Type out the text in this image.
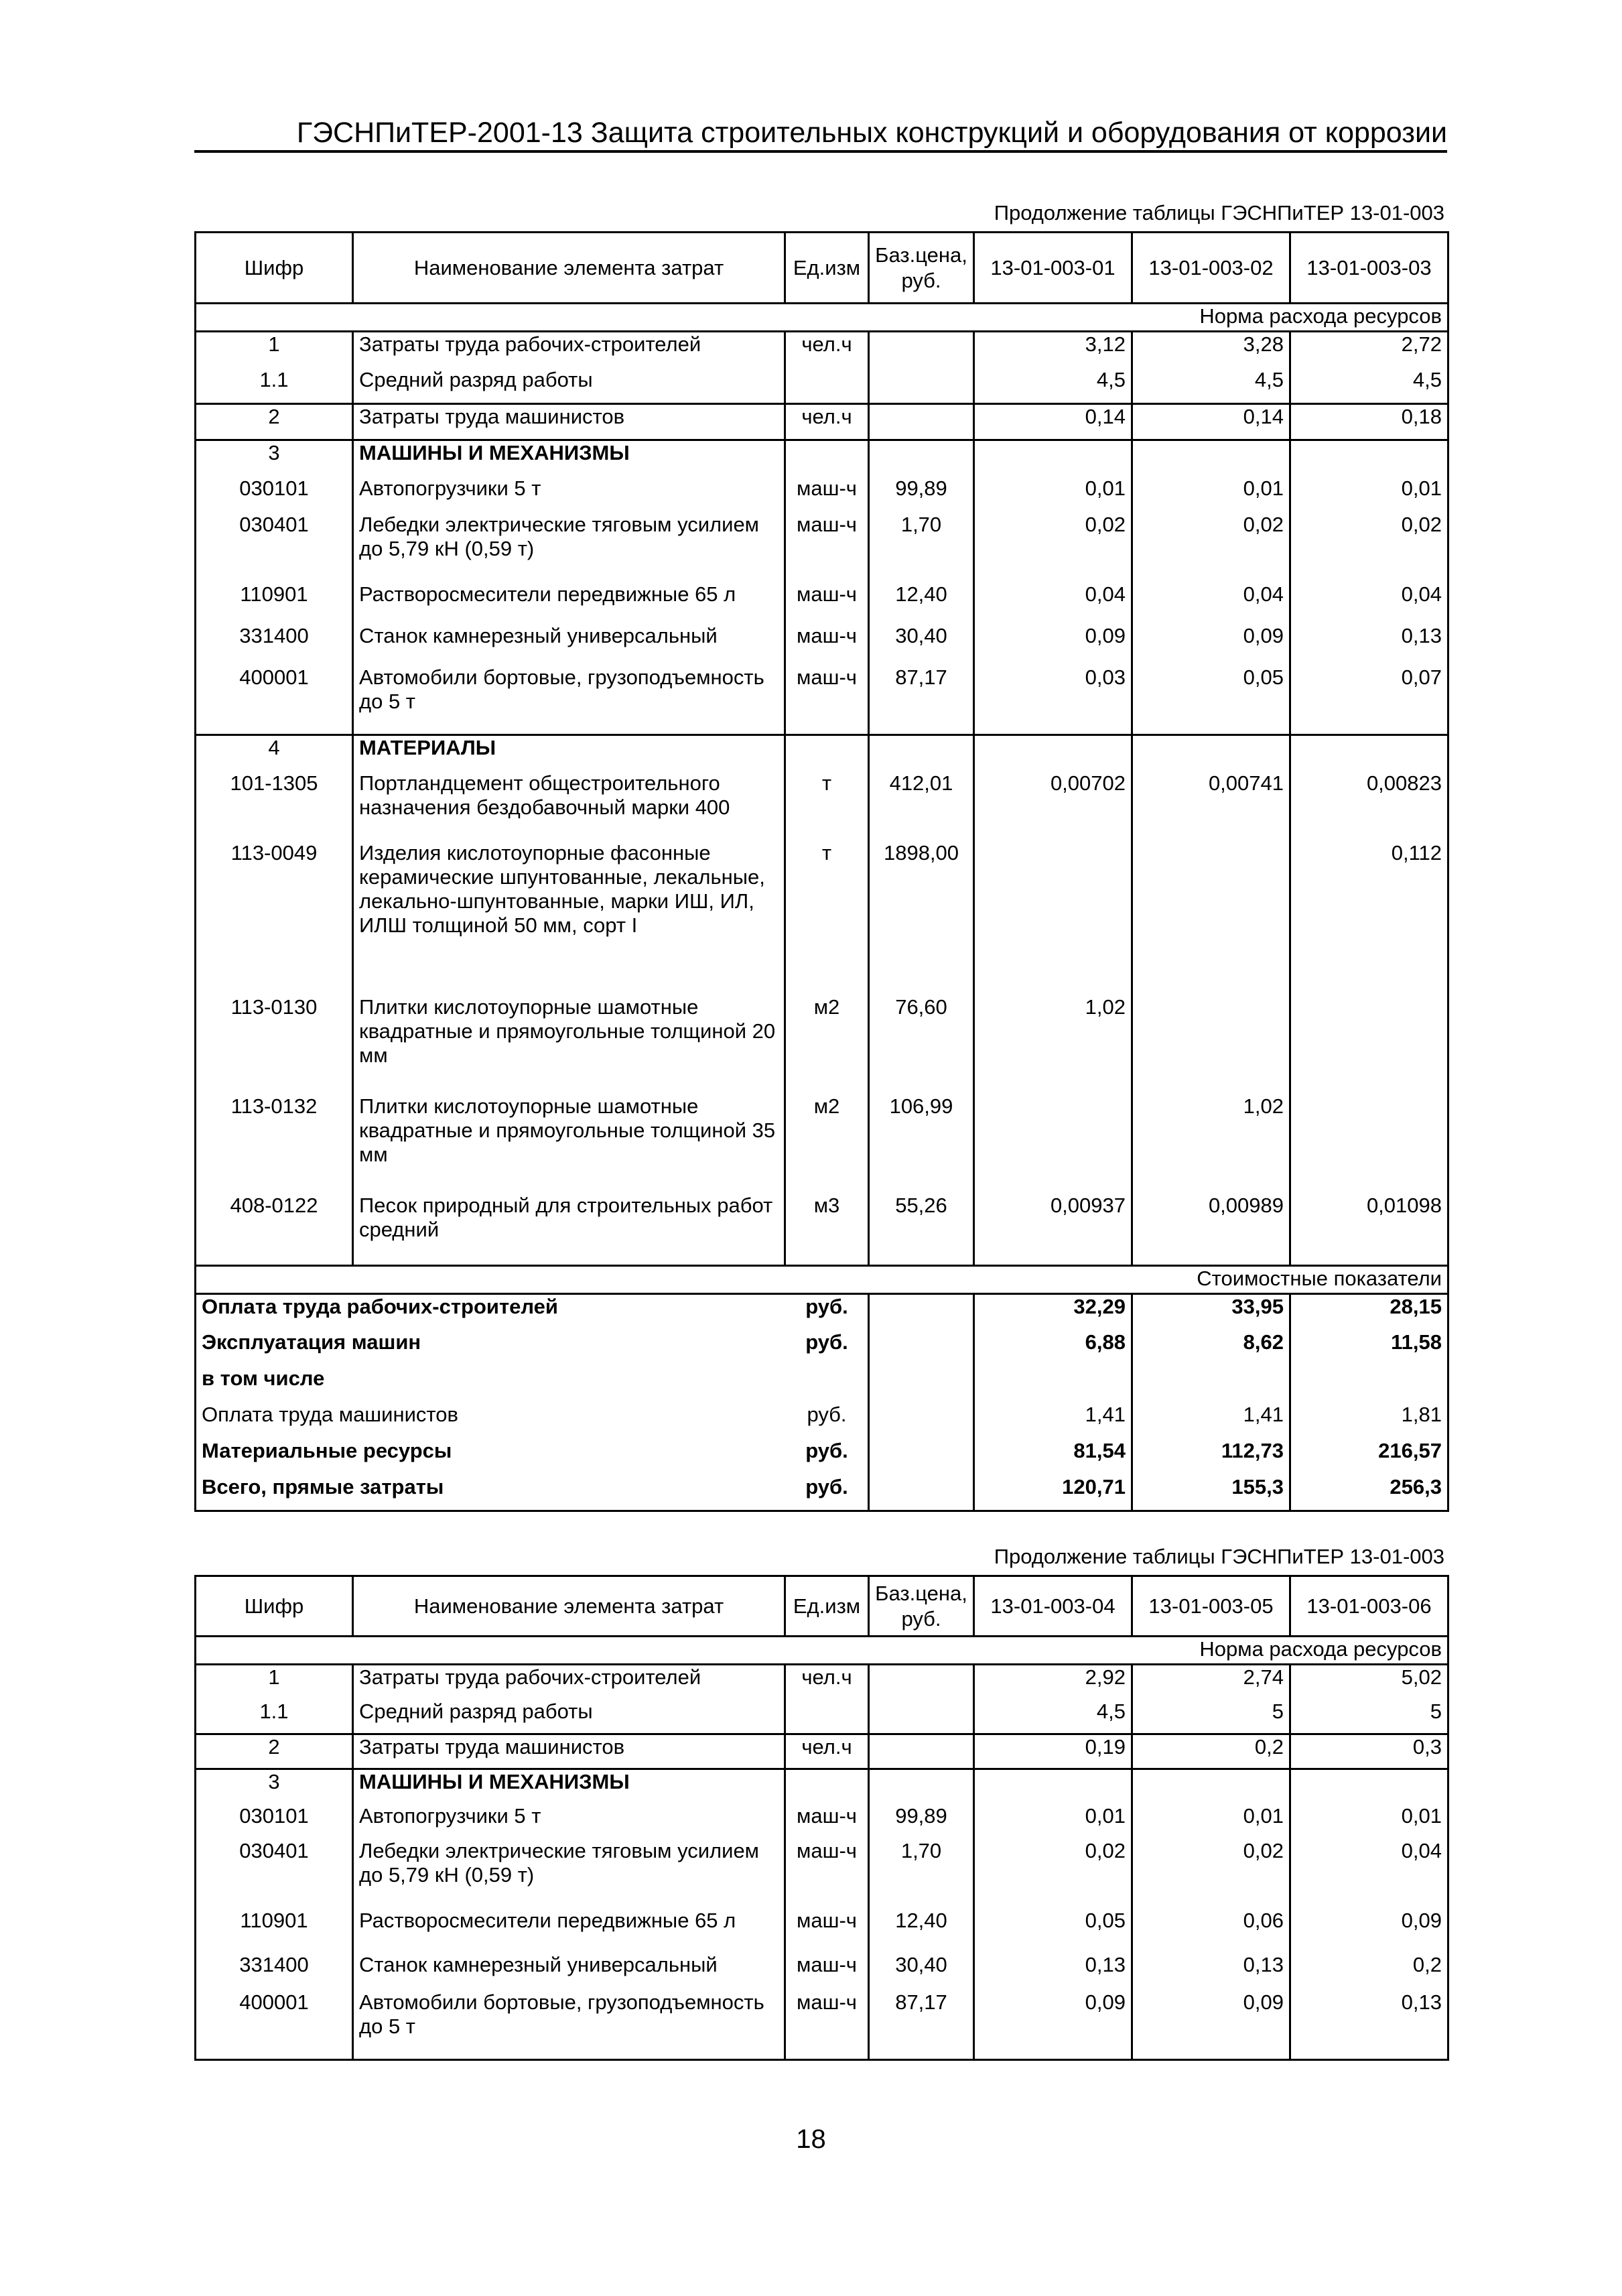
ГЭСНПиТЕР-2001-13 Защита строительных конструкций и оборудования от коррозии
Продолжение таблицы ГЭСНПиТЕР 13-01-003
Шифр	Наименование элемента затрат	Ед.изм	Баз.цена, руб.	13-01-003-01	13-01-003-02	13-01-003-03
Норма расхода ресурсов						
1	Затраты труда рабочих-строителей	чел.ч		3,12	3,28	2,72
1.1	Средний разряд работы			4,5	4,5	4,5
2	Затраты труда машинистов	чел.ч		0,14	0,14	0,18
3	МАШИНЫ И МЕХАНИЗМЫ					
030101	Автопогрузчики 5 т	маш-ч	99,89	0,01	0,01	0,01
030401	Лебедки электрические тяговым усилием до 5,79 кН (0,59 т)	маш-ч	1,70	0,02	0,02	0,02
110901	Растворосмесители передвижные 65 л	маш-ч	12,40	0,04	0,04	0,04
331400	Станок камнерезный универсальный	маш-ч	30,40	0,09	0,09	0,13
400001	Автомобили бортовые, грузоподъемность до 5 т	маш-ч	87,17	0,03	0,05	0,07
4	МАТЕРИАЛЫ					
101-1305	Портландцемент общестроительного назначения бездобавочный марки 400	т	412,01	0,00702	0,00741	0,00823
113-0049	Изделия кислотоупорные фасонные керамические шпунтованные, лекальные, лекально-шпунтованные, марки ИШ, ИЛ, ИЛШ толщиной 50 мм, сорт I	т	1898,00			0,112
113-0130	Плитки кислотоупорные шамотные квадратные и прямоугольные толщиной 20 мм	м2	76,60	1,02		
113-0132	Плитки кислотоупорные шамотные квадратные и прямоугольные толщиной 35 мм	м2	106,99		1,02	
408-0122	Песок природный для строительных работ средний	м3	55,26	0,00937	0,00989	0,01098
Стоимостные показатели						
Оплата труда рабочих-строителей		руб.		32,29	33,95	28,15
Эксплуатация машин		руб.		6,88	8,62	11,58
в том числе						
Оплата труда машинистов		руб.		1,41	1,41	1,81
Материальные ресурсы		руб.		81,54	112,73	216,57
Всего, прямые затраты		руб.		120,71	155,3	256,3
Продолжение таблицы ГЭСНПиТЕР 13-01-003
Шифр	Наименование элемента затрат	Ед.изм	Баз.цена, руб.	13-01-003-04	13-01-003-05	13-01-003-06
Норма расхода ресурсов						
1	Затраты труда рабочих-строителей	чел.ч		2,92	2,74	5,02
1.1	Средний разряд работы			4,5	5	5
2	Затраты труда машинистов	чел.ч		0,19	0,2	0,3
3	МАШИНЫ И МЕХАНИЗМЫ					
030101	Автопогрузчики 5 т	маш-ч	99,89	0,01	0,01	0,01
030401	Лебедки электрические тяговым усилием до 5,79 кН (0,59 т)	маш-ч	1,70	0,02	0,02	0,04
110901	Растворосмесители передвижные 65 л	маш-ч	12,40	0,05	0,06	0,09
331400	Станок камнерезный универсальный	маш-ч	30,40	0,13	0,13	0,2
400001	Автомобили бортовые, грузоподъемность до 5 т	маш-ч	87,17	0,09	0,09	0,13
18
